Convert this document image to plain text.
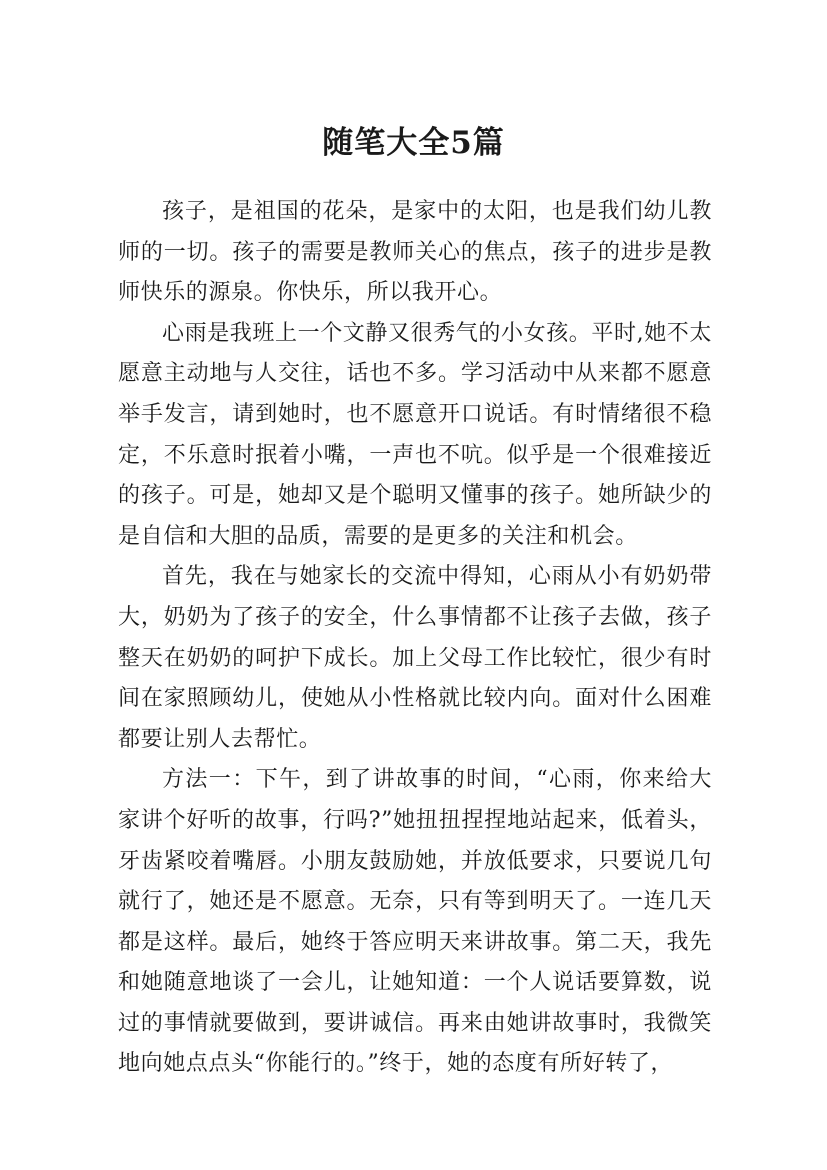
随笔大全5篇

孩子，是祖国的花朵，是家中的太阳，也是我们幼儿教师的一切。孩子的需要是教师关心的焦点，孩子的进步是教师快乐的源泉。你快乐，所以我开心。

心雨是我班上一个文静又很秀气的小女孩。平时,她不太愿意主动地与人交往，话也不多。学习活动中从来都不愿意举手发言，请到她时，也不愿意开口说话。有时情绪很不稳定，不乐意时抿着小嘴，一声也不吭。似乎是一个很难接近的孩子。可是，她却又是个聪明又懂事的孩子。她所缺少的是自信和大胆的品质，需要的是更多的关注和机会。

首先，我在与她家长的交流中得知，心雨从小有奶奶带大，奶奶为了孩子的安全，什么事情都不让孩子去做，孩子整天在奶奶的呵护下成长。加上父母工作比较忙，很少有时间在家照顾幼儿，使她从小性格就比较内向。面对什么困难都要让别人去帮忙。

方法一：下午，到了讲故事的时间，“心雨，你来给大家讲个好听的故事，行吗?”她扭扭捏捏地站起来，低着头，牙齿紧咬着嘴唇。小朋友鼓励她，并放低要求，只要说几句就行了，她还是不愿意。无奈，只有等到明天了。一连几天都是这样。最后，她终于答应明天来讲故事。第二天，我先和她随意地谈了一会儿，让她知道：一个人说话要算数，说过的事情就要做到，要讲诚信。再来由她讲故事时，我微笑地向她点点头“你能行的。”终于，她的态度有所好转了，
